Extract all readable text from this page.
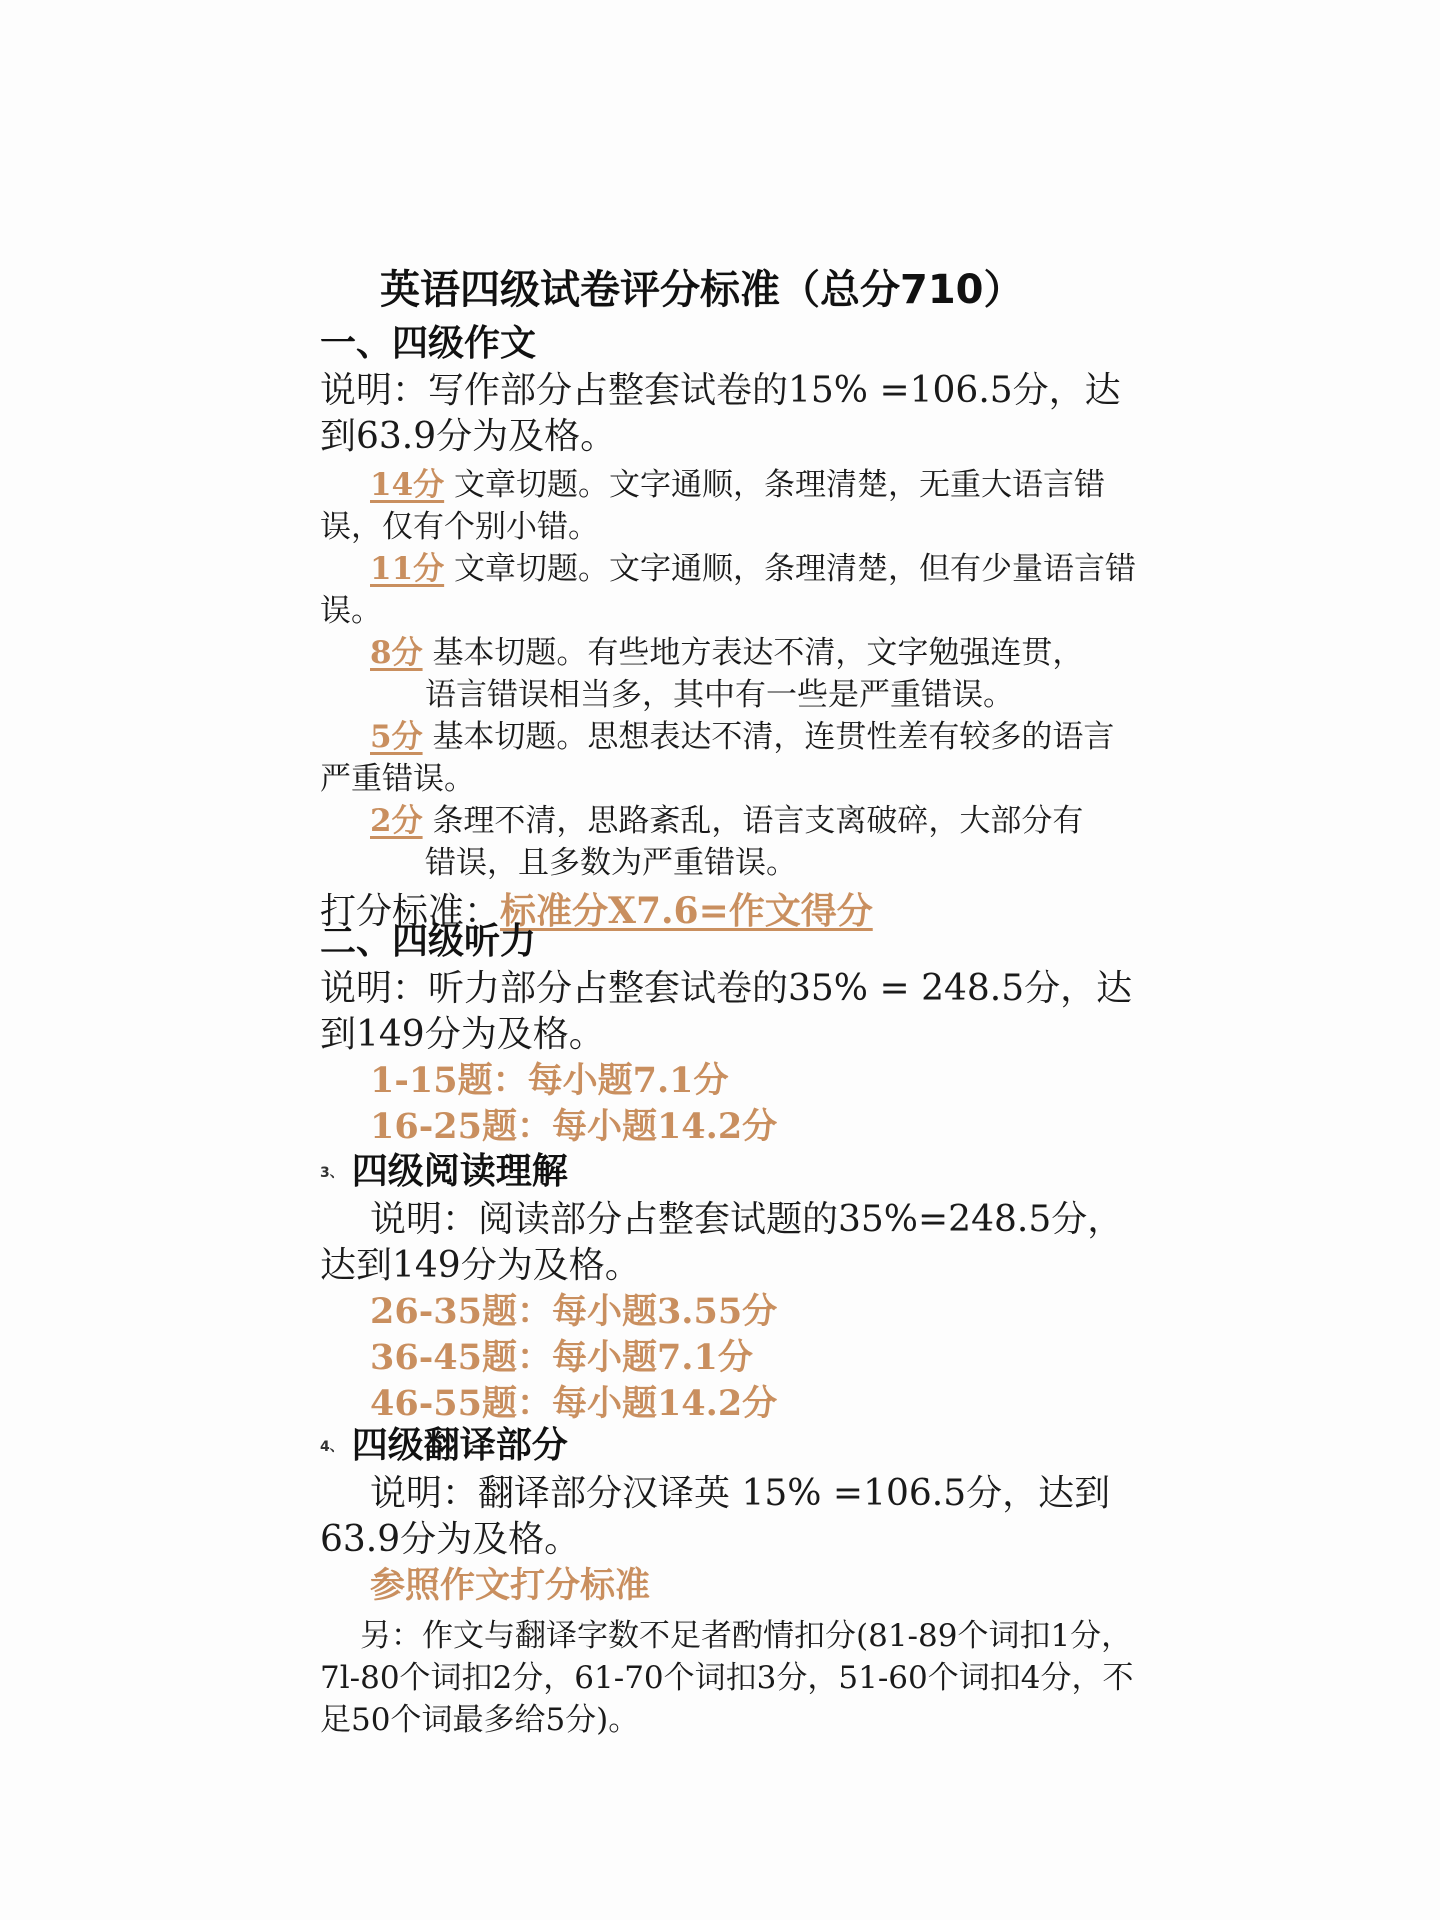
英语四级试卷评分标准（总分710）
一、四级作文
说明：写作部分占整套试卷的15% =106.5分，达到63.9分为及格。
14分 文章切题。文字通顺，条理清楚，无重大语言错误，仅有个别小错。
11分 文章切题。文字通顺，条理清楚，但有少量语言错误。
8分 基本切题。有些地方表达不清，文字勉强连贯，
语言错误相当多，其中有一些是严重错误。
5分 基本切题。思想表达不清，连贯性差有较多的语言严重错误。
2分 条理不清，思路紊乱，语言支离破碎，大部分有
错误，且多数为严重错误。
打分标准：标准分X7.6=作文得分
二、四级听力
说明：听力部分占整套试卷的35% = 248.5分，达到149分为及格。
1-15题：每小题7.1分
16-25题：每小题14.2分
3、 四级阅读理解
说明：阅读部分占整套试题的35%=248.5分，达到149分为及格。
26-35题：每小题3.55分
36-45题：每小题7.1分
46-55题：每小题14.2分
4、 四级翻译部分
说明：翻译部分汉译英 15% =106.5分，达到63.9分为及格。
参照作文打分标准
另：作文与翻译字数不足者酌情扣分(81-89个词扣1分，7l-80个词扣2分，61-70个词扣3分，51-60个词扣4分，不足50个词最多给5分)。
